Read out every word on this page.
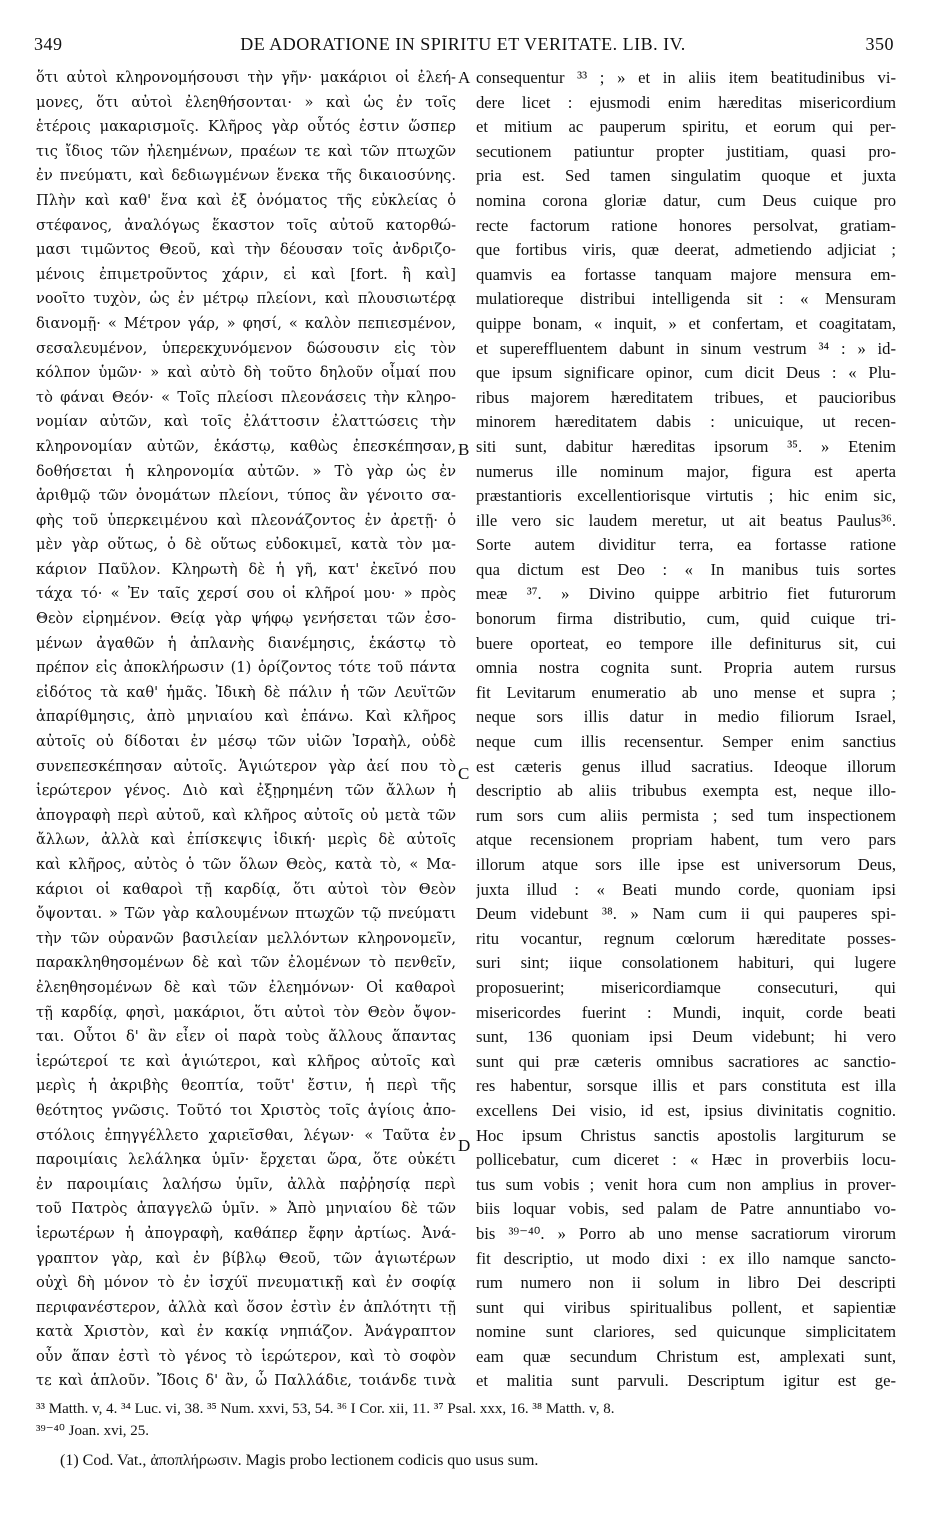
349	DE ADORATIONE IN SPIRITU ET VERITATE. LIB. IV.	350
ὅτι αὐτοὶ κληρονομήσουσι τὴν γῆν· μακάριοι οἱ ἐλεή-
μονες, ὅτι αὐτοὶ ἐλεηθήσονται· » καὶ ὡς ἐν τοῖς
ἑτέροις μακαρισμοῖς. Κλῆρος γὰρ οὗτός ἐστιν ὥσπερ
τις ἴδιος τῶν ἠλεημένων, πραέων τε καὶ τῶν πτωχῶν
ἐν πνεύματι, καὶ δεδιωγμένων ἕνεκα τῆς δικαιοσύνης.
Πλὴν καὶ καθ' ἕνα καὶ ἐξ ὀνόματος τῆς εὐκλείας ὁ
στέφανος, ἀναλόγως ἕκαστον τοῖς αὐτοῦ κατορθώ-
μασι τιμῶντος Θεοῦ, καὶ τὴν δέουσαν τοῖς ἀνδριζο-
μένοις ἐπιμετροῦντος χάριν, εἰ καὶ [fort. ἢ καὶ]
νοοῖτο τυχὸν, ὡς ἐν μέτρῳ πλείονι, καὶ πλουσιωτέρᾳ
διανομῇ· « Μέτρον γάρ, » φησί, « καλὸν πεπιεσμένον,
σεσαλευμένον, ὑπερεκχυνόμενον δώσουσιν εἰς τὸν
κόλπον ὑμῶν· » καὶ αὐτὸ δὴ τοῦτο δηλοῦν οἶμαί που
τὸ φάναι Θεόν· « Τοῖς πλείοσι πλεονάσεις τὴν κληρο-
νομίαν αὐτῶν, καὶ τοῖς ἐλάττοσιν ἐλαττώσεις τὴν
κληρονομίαν αὐτῶν, ἑκάστῳ, καθὼς ἐπεσκέπησαν,
δοθήσεται ἡ κληρονομία αὐτῶν. » Τὸ γὰρ ὡς ἐν
ἀριθμῷ τῶν ὀνομάτων πλείονι, τύπος ἂν γένοιτο σα-
φὴς τοῦ ὑπερκειμένου καὶ πλεονάζοντος ἐν ἀρετῇ· ὁ
μὲν γὰρ οὕτως, ὁ δὲ οὕτως εὐδοκιμεῖ, κατὰ τὸν μα-
κάριον Παῦλον. Κληρωτὴ δὲ ἡ γῆ, κατ' ἐκεῖνό που
τάχα τό· « Ἐν ταῖς χερσί σου οἱ κλῆροί μου· » πρὸς
Θεὸν εἰρημένον. Θείᾳ γὰρ ψήφῳ γενήσεται τῶν ἐσο-
μένων ἀγαθῶν ἡ ἀπλανὴς διανέμησις, ἑκάστῳ τὸ
πρέπον εἰς ἀποκλήρωσιν (1) ὁρίζοντος τότε τοῦ πάντα
εἰδότος τὰ καθ' ἡμᾶς. Ἰδικὴ δὲ πάλιν ἡ τῶν Λευϊτῶν
ἀπαρίθμησις, ἀπὸ μηνιαίου καὶ ἐπάνω. Καὶ κλῆρος
αὐτοῖς οὐ δίδοται ἐν μέσῳ τῶν υἱῶν Ἰσραὴλ, οὐδὲ
συνεπεσκέπησαν αὐτοῖς. Ἁγιώτερον γὰρ ἀεί που τὸ
ἱερώτερον γένος. Διὸ καὶ ἐξῃρημένη τῶν ἄλλων ἡ
ἀπογραφὴ περὶ αὐτοῦ, καὶ κλῆρος αὐτοῖς οὐ μετὰ τῶν
ἄλλων, ἀλλὰ καὶ ἐπίσκεψις ἰδική· μερὶς δὲ αὐτοῖς
καὶ κλῆρος, αὐτὸς ὁ τῶν ὅλων Θεὸς, κατὰ τὸ, « Μα-
κάριοι οἱ καθαροὶ τῇ καρδίᾳ, ὅτι αὐτοὶ τὸν Θεὸν
ὄψονται. » Τῶν γὰρ καλουμένων πτωχῶν τῷ πνεύματι
τὴν τῶν οὐρανῶν βασιλείαν μελλόντων κληρονομεῖν,
παρακληθησομένων δὲ καὶ τῶν ἐλομένων τὸ πενθεῖν,
ἐλεηθησομένων δὲ καὶ τῶν ἐλεημόνων· Οἱ καθαροὶ
τῇ καρδίᾳ, φησὶ, μακάριοι, ὅτι αὐτοὶ τὸν Θεὸν ὄψον-
ται. Οὗτοι δ' ἂν εἶεν οἱ παρὰ τοὺς ἄλλους ἅπαντας
ἱερώτεροί τε καὶ ἁγιώτεροι, καὶ κλῆρος αὐτοῖς καὶ
μερὶς ἡ ἀκριβὴς θεοπτία, τοῦτ' ἔστιν, ἡ περὶ τῆς
θεότητος γνῶσις. Τοῦτό τοι Χριστὸς τοῖς ἁγίοις ἀπο-
στόλοις ἐπηγγέλλετο χαριεῖσθαι, λέγων· « Ταῦτα ἐν
παροιμίαις λελάληκα ὑμῖν· ἔρχεται ὥρα, ὅτε οὐκέτι
ἐν παροιμίαις λαλήσω ὑμῖν, ἀλλὰ παῤῥησίᾳ περὶ
τοῦ Πατρὸς ἀπαγγελῶ ὑμῖν. » Ἀπὸ μηνιαίου δὲ τῶν
ἱερωτέρων ἡ ἀπογραφὴ, καθάπερ ἔφην ἀρτίως. Ἀνά-
γραπτον γὰρ, καὶ ἐν βίβλῳ Θεοῦ, τῶν ἁγιωτέρων
οὐχὶ δὴ μόνον τὸ ἐν ἰσχύϊ πνευματικῇ καὶ ἐν σοφίᾳ
περιφανέστερον, ἀλλὰ καὶ ὅσον ἐστὶν ἐν ἁπλότητι τῇ
κατὰ Χριστὸν, καὶ ἐν κακίᾳ νηπιάζον. Ἀνάγραπτον
οὖν ἅπαν ἐστὶ τὸ γένος τὸ ἱερώτερον, καὶ τὸ σοφὸν
τε καὶ ἁπλοῦν. Ἴδοις δ' ἂν, ὦ Παλλάδιε, τοιάνδε τινὰ
consequentur ³³ ; » et in aliis item beatitudinibus vi-
dere licet : ejusmodi enim hæreditas misericordium
et mitium ac pauperum spiritu, et eorum qui per-
secutionem patiuntur propter justitiam, quasi pro-
pria est. Sed tamen singulatim quoque et juxta
nomina corona gloriæ datur, cum Deus cuique pro
recte factorum ratione honores persolvat, gratiam-
que fortibus viris, quæ deerat, admetiendo adjiciat ;
quamvis ea fortasse tanquam majore mensura em-
mulatioreque distribui intelligenda sit : « Mensuram
quippe bonam, « inquit, » et confertam, et coagitatam,
et supereffluentem dabunt in sinum vestrum ³⁴ : » id-
que ipsum significare opinor, cum dicit Deus : « Plu-
ribus majorem hæreditatem tribues, et paucioribus
minorem hæreditatem dabis : unicuique, ut recen-
siti sunt, dabitur hæreditas ipsorum ³⁵. » Etenim
numerus ille nominum major, figura est aperta
præstantioris excellentiorisque virtutis ; hic enim sic,
ille vero sic laudem meretur, ut ait beatus Paulus³⁶.
Sorte autem dividitur terra, ea fortasse ratione
qua dictum est Deo : « In manibus tuis sortes
meæ ³⁷. » Divino quippe arbitrio fiet futurorum
bonorum firma distributio, cum, quid cuique tri-
buere oporteat, eo tempore ille definiturus sit, cui
omnia nostra cognita sunt. Propria autem rursus
fit Levitarum enumeratio ab uno mense et supra ;
neque sors illis datur in medio filiorum Israel,
neque cum illis recensentur. Semper enim sanctius
est cæteris genus illud sacratius. Ideoque illorum
descriptio ab aliis tribubus exempta est, neque illo-
rum sors cum aliis permista ; sed tum inspectionem
atque recensionem propriam habent, tum vero pars
illorum atque sors ille ipse est universorum Deus,
juxta illud : « Beati mundo corde, quoniam ipsi
Deum videbunt ³⁸. » Nam cum ii qui pauperes spi-
ritu vocantur, regnum cœlorum hæreditate posses-
suri sint; iique consolationem habituri, qui lugere
proposuerint; misericordiamque consecuturi, qui
misericordes fuerint : Mundi, inquit, corde beati
sunt, 136 quoniam ipsi Deum videbunt; hi vero
sunt qui præ cæteris omnibus sacratiores ac sanctio-
res habentur, sorsque illis et pars constituta est illa
excellens Dei visio, id est, ipsius divinitatis cognitio.
Hoc ipsum Christus sanctis apostolis largiturum se
pollicebatur, cum diceret : « Hæc in proverbiis locu-
tus sum vobis ; venit hora cum non amplius in prover-
biis loquar vobis, sed palam de Patre annuntiabo vo-
bis ³⁹⁻⁴⁰. » Porro ab uno mense sacratiorum virorum
fit descriptio, ut modo dixi : ex illo namque sancto-
rum numero non ii solum in libro Dei descripti
sunt qui viribus spiritualibus pollent, et sapientiæ
nomine sunt clariores, sed quicunque simplicitatem
eam quæ secundum Christum est, amplexati sunt,
et malitia sunt parvuli. Descriptum igitur est ge-
A
B
C
D
³³ Matth. v, 4. ³⁴ Luc. vi, 38. ³⁵ Num. xxvi, 53, 54. ³⁶ I Cor. xii, 11. ³⁷ Psal. xxx, 16. ³⁸ Matth. v, 8.
³⁹⁻⁴⁰ Joan. xvi, 25.
(1) Cod. Vat., ἀποπλήρωσιν. Magis probo lectionem codicis quo usus sum.
